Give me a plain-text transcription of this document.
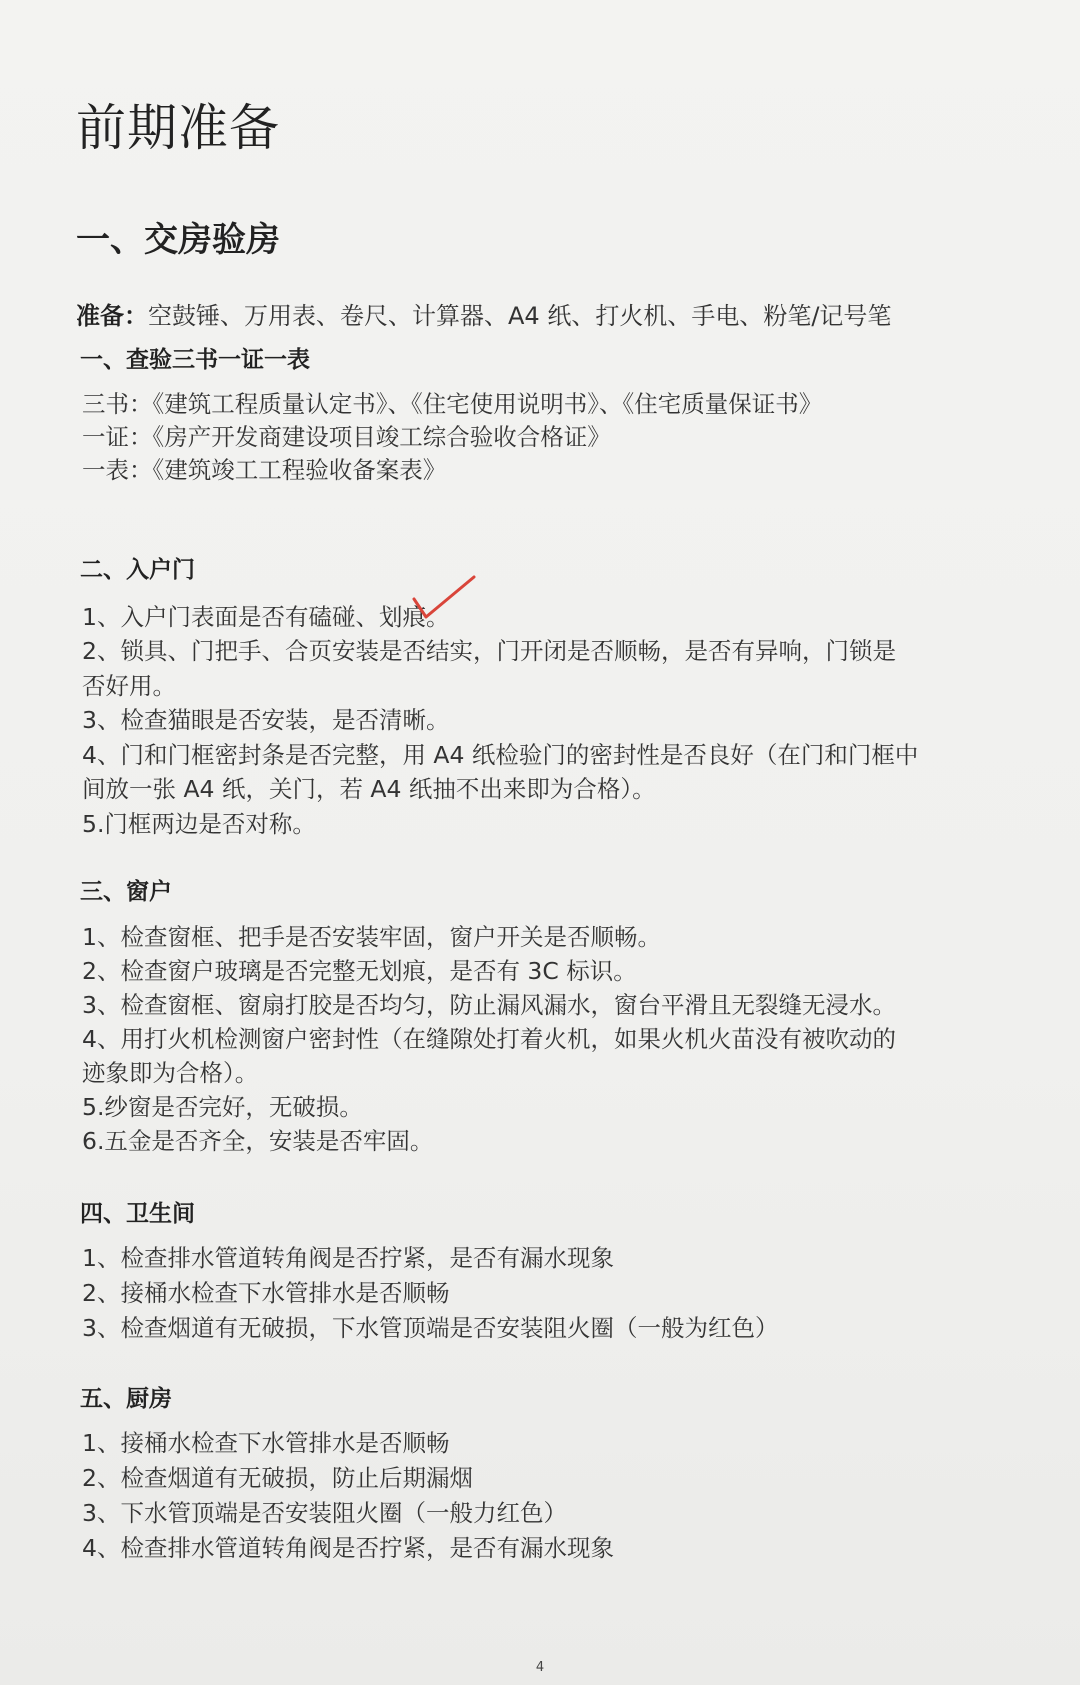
前期准备
一、交房验房
准备：空鼓锤、万用表、卷尺、计算器、A4 纸、打火机、手电、粉笔/记号笔
一、查验三书一证一表
三书：《建筑工程质量认定书》、《住宅使用说明书》、《住宅质量保证书》
一证：《房产开发商建设项目竣工综合验收合格证》
一表：《建筑竣工工程验收备案表》
二、入户门
1、入户门表面是否有磕碰、划痕。
2、锁具、门把手、合页安装是否结实，门开闭是否顺畅，是否有异响，门锁是
否好用。
3、检查猫眼是否安装，是否清晰。
4、门和门框密封条是否完整，用 A4 纸检验门的密封性是否良好（在门和门框中
间放一张 A4 纸，关门，若 A4 纸抽不出来即为合格）。
5.门框两边是否对称。
三、窗户
1、检查窗框、把手是否安装牢固，窗户开关是否顺畅。
2、检查窗户玻璃是否完整无划痕，是否有 3C 标识。
3、检查窗框、窗扇打胶是否均匀，防止漏风漏水，窗台平滑且无裂缝无浸水。
4、用打火机检测窗户密封性（在缝隙处打着火机，如果火机火苗没有被吹动的
迹象即为合格）。
5.纱窗是否完好，无破损。
6.五金是否齐全，安装是否牢固。
四、卫生间
1、检查排水管道转角阀是否拧紧，是否有漏水现象
2、接桶水检查下水管排水是否顺畅
3、检查烟道有无破损，下水管顶端是否安装阻火圈（一般为红色）
五、厨房
1、接桶水检查下水管排水是否顺畅
2、检查烟道有无破损，防止后期漏烟
3、下水管顶端是否安装阻火圈（一般力红色）
4、检查排水管道转角阀是否拧紧，是否有漏水现象
4
